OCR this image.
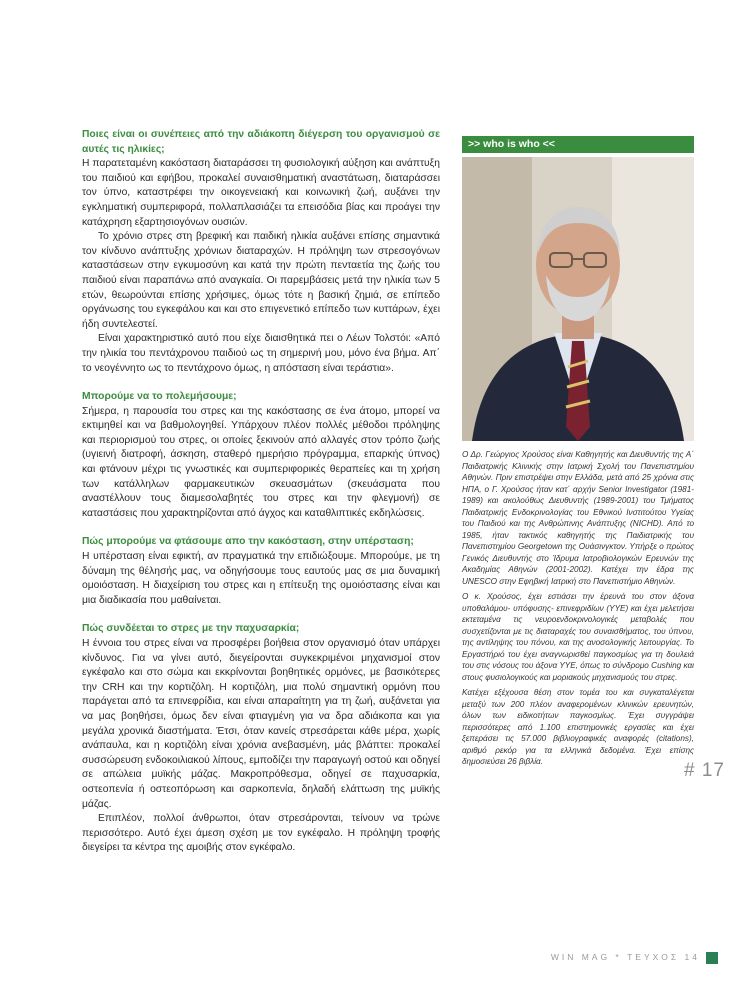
Ποιες είναι οι συνέπειες από την αδιάκοπη διέγερση του οργανισμού σε αυτές τις ηλικίες;

Η παρατεταμένη κακόσταση διαταράσσει τη φυσιολογική αύξηση και ανάπτυξη του παιδιού και εφήβου, προκαλεί συναισθηματική αναστάτωση, διαταράσσει τον ύπνο, καταστρέφει την οικογενειακή και κοινωνική ζωή, αυξάνει την εγκληματική συμπεριφορά, πολλαπλασιάζει τα επεισόδια βίας και προάγει την κατάχρηση εξαρτησιογόνων ουσιών.

Το χρόνιο στρες στη βρεφική και παιδική ηλικία αυξάνει επίσης σημαντικά τον κίνδυνο ανάπτυξης χρόνιων διαταραχών. Η πρόληψη των στρεσογόνων καταστάσεων στην εγκυμοσύνη και κατά την πρώτη πενταετία της ζωής του παιδιού είναι παραπάνω από αναγκαία. Οι παρεμβάσεις μετά την ηλικία των 5 ετών, θεωρούνται επίσης χρήσιμες, όμως τότε η βασική ζημιά, σε επίπεδο οργάνωσης του εγκεφάλου και και στο επιγενετικό επίπεδο των κυττάρων, έχει ήδη συντελεστεί.

Είναι χαρακτηριστικό αυτό που είχε διαισθητικά πει ο Λέων Τολστόι: «Από την ηλικία του πεντάχρονου παιδιού ως τη σημερινή μου, μόνο ένα βήμα. Απ΄ το νεογέννητο ως το πεντάχρονο όμως, η απόσταση είναι τεράστια».

Μπορούμε να το πολεμήσουμε;

Σήμερα, η παρουσία του στρες και της κακόστασης σε ένα άτομο, μπορεί να εκτιμηθεί και να βαθμολογηθεί. Υπάρχουν πλέον πολλές μέθοδοι πρόληψης και περιορισμού του στρες, οι οποίες ξεκινούν από αλλαγές στον τρόπο ζωής (υγιεινή διατροφή, άσκηση, σταθερό ημερήσιο πρόγραμμα, επαρκής ύπνος) και φτάνουν μέχρι τις γνωστικές και συμπεριφορικές θεραπείες και τη χρήση των κατάλληλων φαρμακευτικών σκευασμάτων (σκευάσματα που αναστέλλουν τους διαμεσολαβητές του στρες και την φλεγμονή) σε καταστάσεις που χαρακτηρίζονται από άγχος και καταθλιπτικές εκδηλώσεις.

Πώς μπορούμε να φτάσουμε απο την κακόσταση, στην υπέρσταση;

Η υπέρσταση είναι εφικτή, αν πραγματικά την επιδιώξουμε. Μπορούμε, με τη δύναμη της θέλησής μας, να οδηγήσουμε τους εαυτούς μας σε μια δυναμική ομοιόσταση. Η διαχείριση του στρες και η επίτευξη της ομοιόστασης είναι και μια διαδικασία που μαθαίνεται.

Πώς συνδέεται το στρες με την παχυσαρκία;

Η έννοια του στρες είναι να προσφέρει βοήθεια στον οργανισμό όταν υπάρχει κίνδυνος. Για να γίνει αυτό, διεγείρονται συγκεκριμένοι μηχανισμοί στον εγκέφαλο και στο σώμα και εκκρίνονται βοηθητικές ορμόνες, με βασικότερες την CRH και την κορτιζόλη. Η κορτιζόλη, μια πολύ σημαντική ορμόνη που παράγεται από τα επινεφρίδια, και είναι απαραίτητη για τη ζωή, αυξάνεται για να μας βοηθήσει, όμως δεν είναι φτιαγμένη για να δρα αδιάκοπα και για μεγάλα χρονικά διαστήματα. Έτσι, όταν κανείς στρεσάρεται κάθε μέρα, χωρίς ανάπαυλα, και η κορτιζόλη είναι χρόνια ανεβασμένη, μάς βλάπτει: προκαλεί συσσώρευση ενδοκοιλιακού λίπους, εμποδίζει την παραγωγή οστού και οδηγεί σε απώλεια μυϊκής μάζας. Μακροπρόθεσμα, οδηγεί σε παχυσαρκία, οστεοπενία ή οστεοπόρωση και σαρκοπενία, δηλαδή ελάττωση της μυϊκής μάζας.

Επιπλέον, πολλοί άνθρωποι, όταν στρεσάρονται, τείνουν να τρώνε περισσότερο. Αυτό έχει άμεση σχέση με τον εγκέφαλο. Η πρόληψη τροφής διεγείρει τα κέντρα της αμοιβής στον εγκέφαλο.

>> who is who <<

Ο Δρ. Γεώργιος Χρούσος είναι Καθηγητής και Διευθυντής της Α΄ Παιδιατρικής Κλινικής στην Ιατρική Σχολή του Πανεπιστημίου Αθηνών. Πριν επιστρέψει στην Ελλάδα, μετά από 25 χρόνια στις ΗΠΑ, ο Γ. Χρούσος ήταν κατ΄ αρχήν Senior Investigator (1981- 1989) και ακολούθως Διευθυντής (1989-2001) του Τμήματος Παιδιατρικής Ενδοκρινολογίας του Εθνικού Ινστιτούτου Υγείας του Παιδιού και της Ανθρώπινης Ανάπτυξης (NICHD). Από το 1985, ήταν τακτικός καθηγητής της Παιδιατρικής του Πανεπιστημίου Georgetown της Ουάσινγκτον. Υπήρξε ο πρώτος Γενικός Διευθυντής στο Ίδρυμα Ιατροβιολογικών Ερευνών της Ακαδημίας Αθηνών (2001-2002). Κατέχει την έδρα της UNESCO στην Εφηβική Ιατρική στο Πανεπιστήμιο Αθηνών.

Ο κ. Χρούσος, έχει εστιάσει την έρευνά του στον άξονα υποθαλάμου- υπόφυσης- επινεφριδίων (ΥΥΕ) και έχει μελετήσει εκτεταμένα τις νευροενδοκρινολογικές μεταβολές που συσχετίζονται με τις διαταραχές του συναισθήματος, του ύπνου, της αντίληψης του πόνου, και της ανοσολογικής λειτουργίας. Το Εργαστήριό του έχει αναγνωρισθεί παγκοσμίως για τη δουλειά του στις νόσους του άξονα ΥΥΕ, όπως το σύνδρομο Cushing και στους φυσιολογικούς και μοριακούς μηχανισμούς του στρες.

Κατέχει εξέχουσα θέση στον τομέα του και συγκαταλέγεται μεταξύ των 200 πλέον αναφερομένων κλινικών ερευνητών, όλων των ειδικοτήτων παγκοσμίως. Έχει συγγράψει περισσότερες από 1.100 επιστημονικές εργασίες και έχει ξεπεράσει τις 57.000 βιβλιογραφικές αναφορές (citations), αριθμό ρεκόρ για τα ελληνικά δεδομένα. Έχει επίσης δημοσιεύσει 26 βιβλία.	# 17
WIN MAG * ΤΕΥΧΟΣ 14
